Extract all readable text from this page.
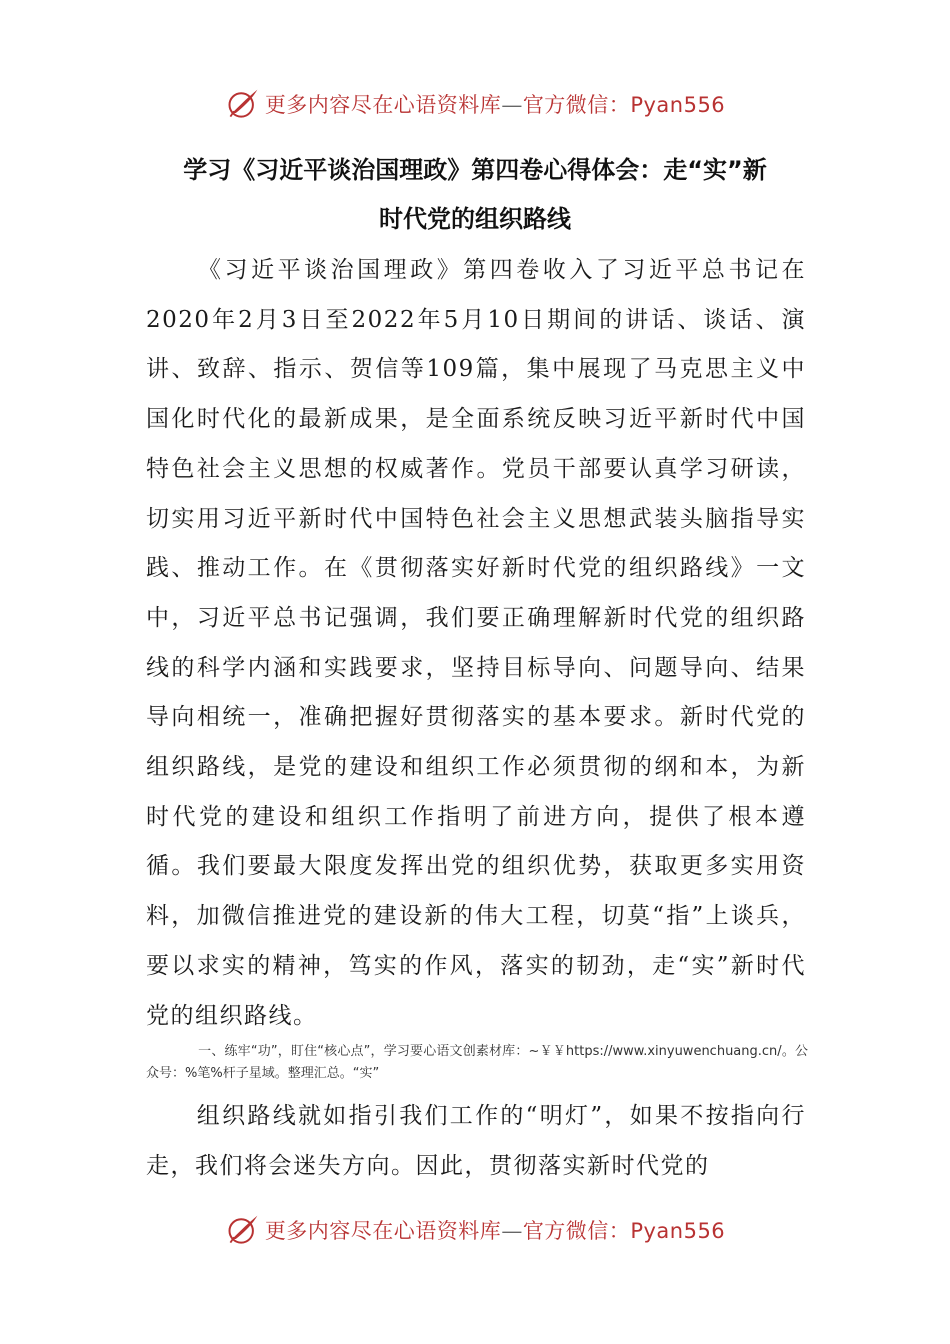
更多内容尽在心语资料库—官方微信：Pyan556
学习《习近平谈治国理政》第四卷心得体会：走“实”新
时代党的组织路线
《习近平谈治国理政》第四卷收入了习近平总书记在2020年2月3日至2022年5月10日期间的讲话、谈话、演讲、致辞、指示、贺信等109篇，集中展现了马克思主义中国化时代化的最新成果，是全面系统反映习近平新时代中国特色社会主义思想的权威著作。党员干部要认真学习研读，切实用习近平新时代中国特色社会主义思想武装头脑指导实践、推动工作。在《贯彻落实好新时代党的组织路线》一文中，习近平总书记强调，我们要正确理解新时代党的组织路线的科学内涵和实践要求，坚持目标导向、问题导向、结果导向相统一，准确把握好贯彻落实的基本要求。新时代党的组织路线，是党的建设和组织工作必须贯彻的纲和本，为新时代党的建设和组织工作指明了前进方向，提供了根本遵循。我们要最大限度发挥出党的组织优势，获取更多实用资料，加微信推进党的建设新的伟大工程，切莫“指”上谈兵，要以求实的精神，笃实的作风，落实的韧劲，走“实”新时代党的组织路线。
一、练牢“功”，盯住“核心点”，学习要心语文创素材库：~￥￥https://www.xinyuwenchuang.cn/。公众号：%笔%杆子星域。整理汇总。“实”
组织路线就如指引我们工作的“明灯”，如果不按指向行走，我们将会迷失方向。因此，贯彻落实新时代党的
更多内容尽在心语资料库—官方微信：Pyan556
